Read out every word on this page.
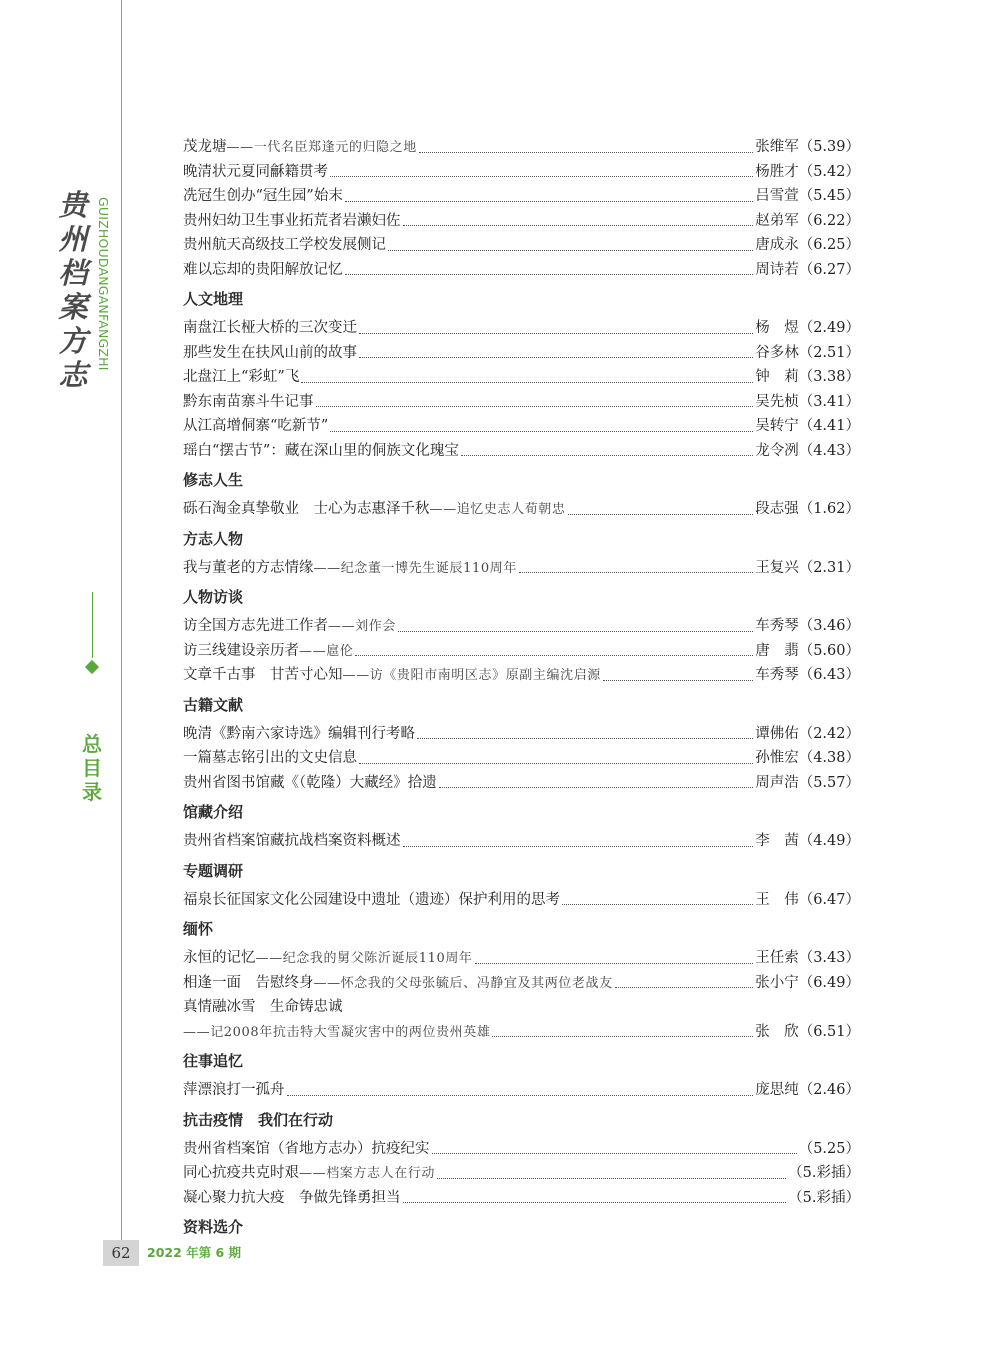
贵州档案方志
GUIZHOUDANGANFANGZHI
总目录
茂龙塘——一代名臣郑逢元的归隐之地	张维军（5.39）
晚清状元夏同龢籍贯考	杨胜才（5.42）
冼冠生创办“冠生园”始末	吕雪萱（5.45）
贵州妇幼卫生事业拓荒者岩濑妇佐	赵弟军（6.22）
贵州航天高级技工学校发展侧记	唐成永（6.25）
难以忘却的贵阳解放记忆	周诗若（6.27）
人文地理
南盘江长桠大桥的三次变迁	杨　煜（2.49）
那些发生在扶风山前的故事	谷多林（2.51）
北盘江上“彩虹”飞	钟　莉（3.38）
黔东南苗寨斗牛记事	吴先桢（3.41）
从江高增侗寨“吃新节”	吴转宁（4.41）
瑶白“摆古节”：藏在深山里的侗族文化瑰宝	龙令冽（4.43）
修志人生
砾石淘金真挚敬业　士心为志惠泽千秋——追忆史志人荀朝忠	段志强（1.62）
方志人物
我与董老的方志情缘——纪念董一博先生诞辰110周年	王复兴（2.31）
人物访谈
访全国方志先进工作者——刘作会	车秀琴（3.46）
访三线建设亲历者——扈伦	唐　翡（5.60）
文章千古事　甘苦寸心知——访《贵阳市南明区志》原副主编沈启源	车秀琴（6.43）
古籍文献
晚清《黔南六家诗选》编辑刊行考略	谭佛佑（2.42）
一篇墓志铭引出的文史信息	孙惟宏（4.38）
贵州省图书馆藏《（乾隆）大藏经》拾遗	周声浩（5.57）
馆藏介绍
贵州省档案馆藏抗战档案资料概述	李　茜（4.49）
专题调研
福泉长征国家文化公园建设中遗址（遗迹）保护利用的思考	王　伟（6.47）
缅怀
永恒的记忆——纪念我的舅父陈沂诞辰110周年	王任索（3.43）
相逢一面　告慰终身——怀念我的父母张毓后、冯静宜及其两位老战友	张小宁（6.49）
真情融冰雪　生命铸忠诚
——记2008年抗击特大雪凝灾害中的两位贵州英雄	张　欣（6.51）
往事追忆
萍漂浪打一孤舟	庞思纯（2.46）
抗击疫情　我们在行动
贵州省档案馆（省地方志办）抗疫纪实	（5.25）
同心抗疫共克时艰——档案方志人在行动	（5.彩插）
凝心聚力抗大疫　争做先锋勇担当	（5.彩插）
资料选介
62	2022 年第 6 期
